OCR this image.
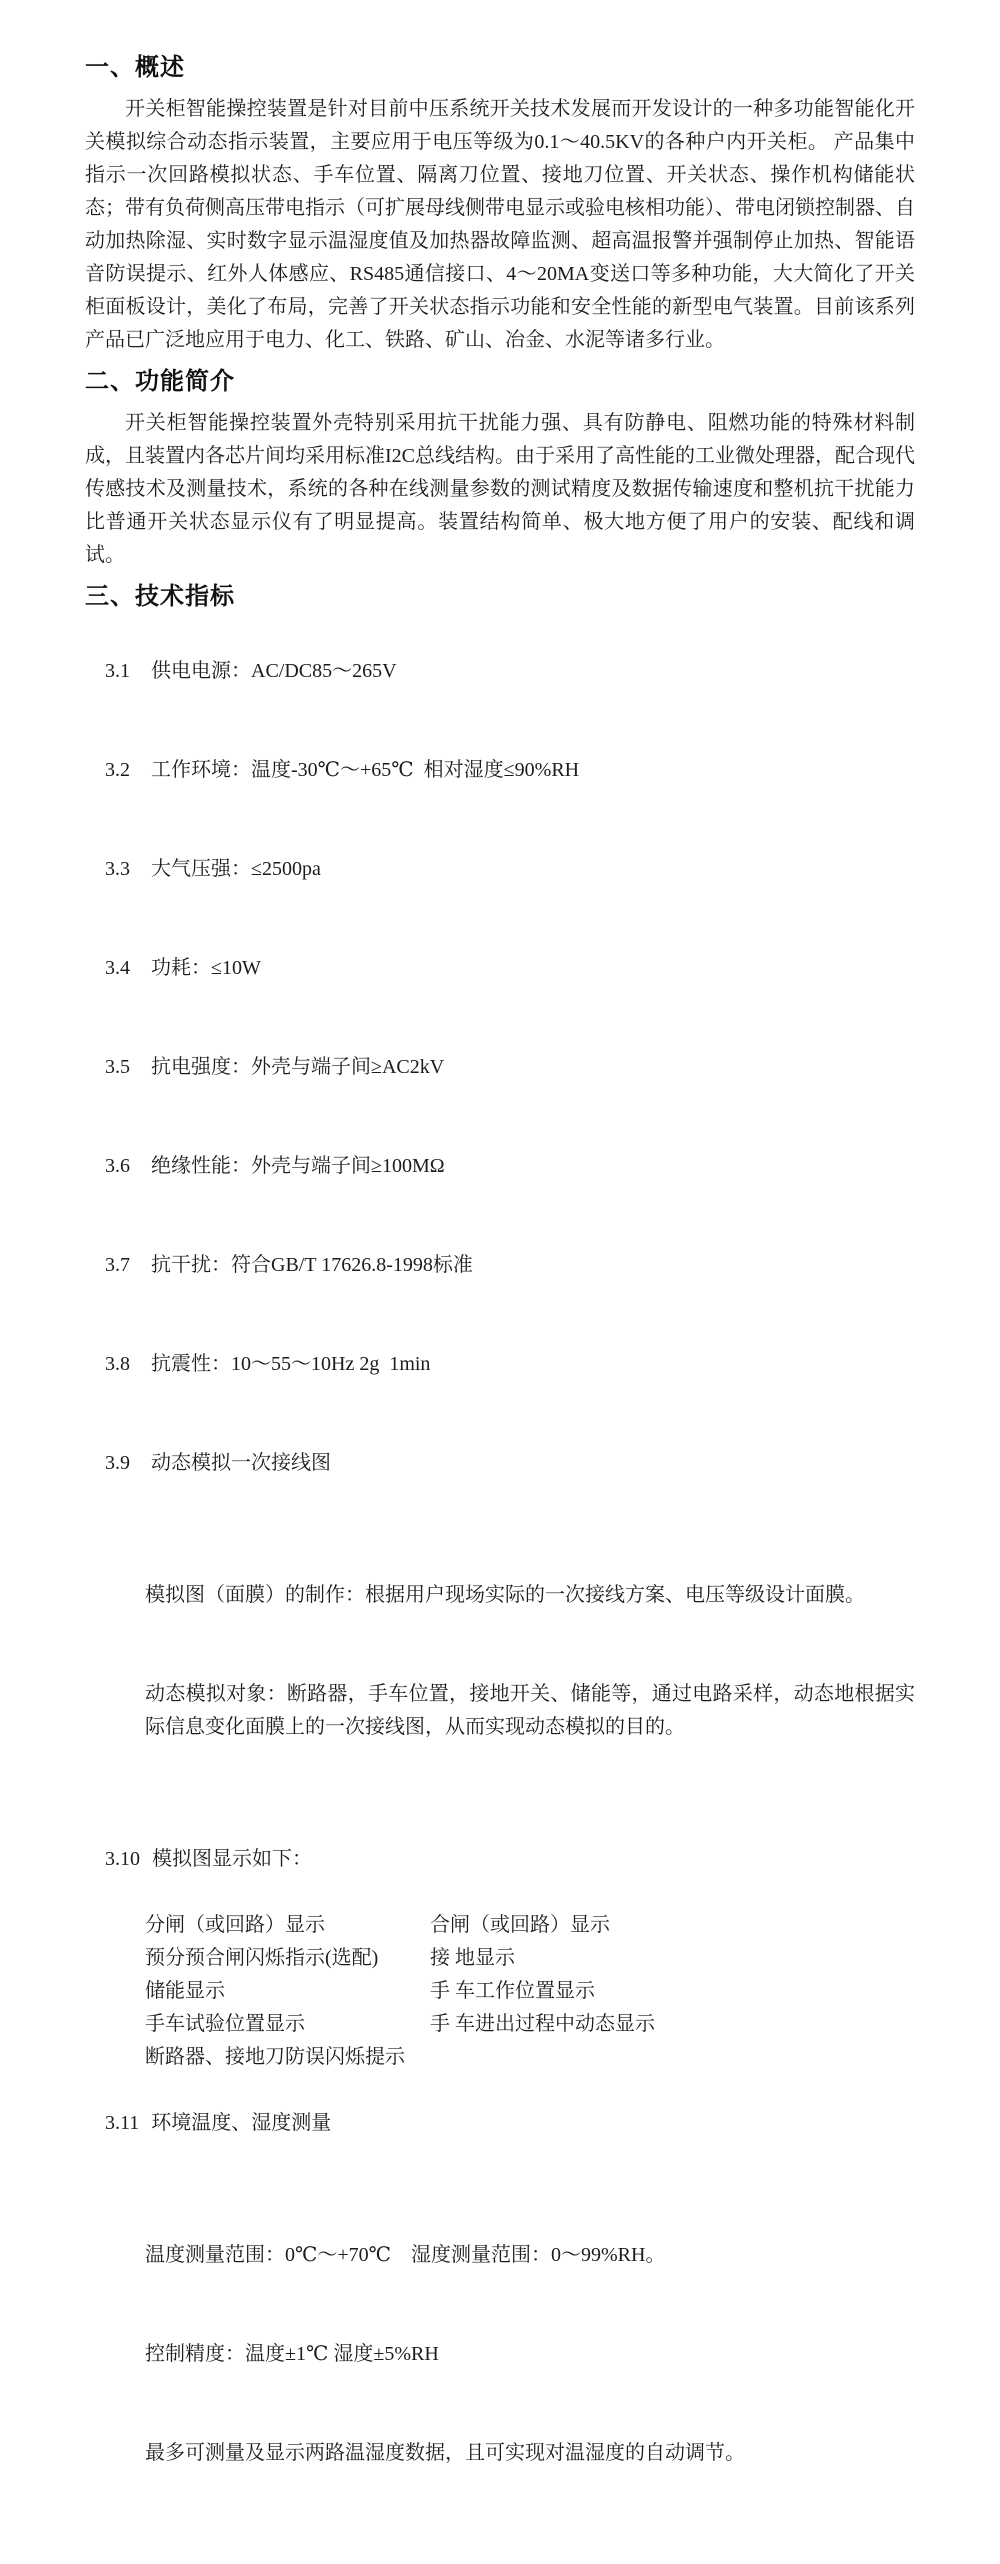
一、概述

开关柜智能操控装置是针对目前中压系统开关技术发展而开发设计的一种多功能智能化开关模拟综合动态指示装置，主要应用于电压等级为0.1～40.5KV的各种户内开关柜。 产品集中指示一次回路模拟状态、手车位置、隔离刀位置、接地刀位置、开关状态、操作机构储能状态；带有负荷侧高压带电指示（可扩展母线侧带电显示或验电核相功能）、带电闭锁控制器、自动加热除湿、实时数字显示温湿度值及加热器故障监测、超高温报警并强制停止加热、智能语音防误提示、红外人体感应、RS485通信接口、4～20MA变送口等多种功能，大大简化了开关柜面板设计，美化了布局，完善了开关状态指示功能和安全性能的新型电气装置。目前该系列产品已广泛地应用于电力、化工、铁路、矿山、冶金、水泥等诸多行业。

二、功能简介

开关柜智能操控装置外壳特别采用抗干扰能力强、具有防静电、阻燃功能的特殊材料制成，且装置内各芯片间均采用标准I2C总线结构。由于采用了高性能的工业微处理器，配合现代传感技术及测量技术，系统的各种在线测量参数的测试精度及数据传输速度和整机抗干扰能力比普通开关状态显示仪有了明显提高。装置结构简单、极大地方便了用户的安装、配线和调试。

三、技术指标

3.1 供电电源：AC/DC85～265V

3.2 工作环境：温度-30℃～+65℃  相对湿度≤90%RH

3.3 大气压强：≤2500pa

3.4 功耗：≤10W

3.5 抗电强度：外壳与端子间≥AC2kV

3.6 绝缘性能：外壳与端子间≥100MΩ

3.7 抗干扰：符合GB/T 17626.8-1998标准

3.8 抗震性：10～55～10Hz 2g  1min

3.9 动态模拟一次接线图

模拟图（面膜）的制作：根据用户现场实际的一次接线方案、电压等级设计面膜。

动态模拟对象：断路器，手车位置，接地开关、储能等，通过电路采样，动态地根据实际信息变化面膜上的一次接线图，从而实现动态模拟的目的。

3.10 模拟图显示如下：

分闸（或回路）显示	合闸（或回路）显示
预分预合闸闪烁指示(选配)	接 地显示
储能显示	手 车工作位置显示
手车试验位置显示	手 车进出过程中动态显示
断路器、接地刀防误闪烁提示

3.11 环境温度、湿度测量

温度测量范围：0℃～+70℃    湿度测量范围：0～99%RH。

控制精度：温度±1℃ 湿度±5%RH

最多可测量及显示两路温湿度数据，且可实现对温湿度的自动调节。
